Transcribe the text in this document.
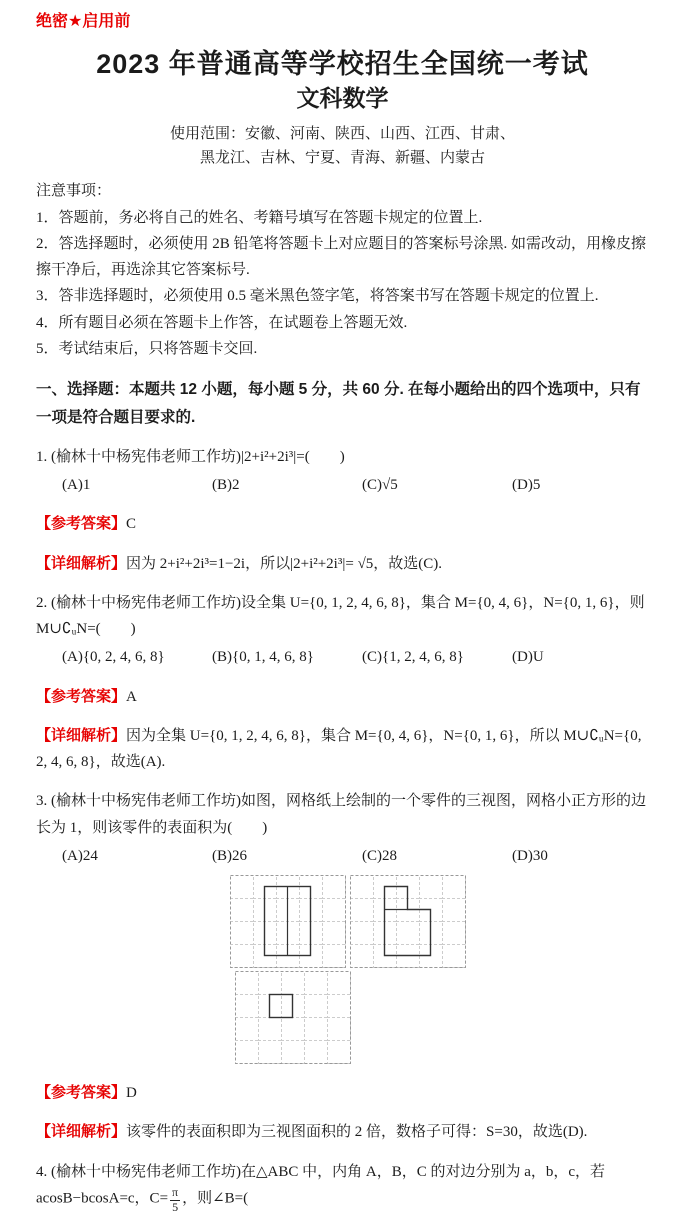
绝密★启用前
2023 年普通高等学校招生全国统一考试
文科数学
使用范围：安徽、河南、陕西、山西、江西、甘肃、
黑龙江、吉林、宁夏、青海、新疆、内蒙古
注意事项：
1．答题前，务必将自己的姓名、考籍号填写在答题卡规定的位置上.
2．答选择题时，必须使用 2B 铅笔将答题卡上对应题目的答案标号涂黑. 如需改动，用橡皮擦擦干净后，再选涂其它答案标号.
3．答非选择题时，必须使用 0.5 毫米黑色签字笔，将答案书写在答题卡规定的位置上.
4．所有题目必须在答题卡上作答，在试题卷上答题无效.
5．考试结束后，只将答题卡交回.
一、选择题：本题共 12 小题，每小题 5 分，共 60 分. 在每小题给出的四个选项中，只有一项是符合题目要求的.
1. (榆林十中杨宪伟老师工作坊)|2+i²+2i³|=(　　)
(A)1	(B)2	(C)√5	(D)5
【参考答案】C
【详细解析】因为 2+i²+2i³=1−2i，所以|2+i²+2i³|= √5，故选(C).
2. (榆林十中杨宪伟老师工作坊)设全集 U={0, 1, 2, 4, 6, 8}，集合 M={0, 4, 6}，N={0, 1, 6}，则 M∪∁ᵤN=(　　)
(A){0, 2, 4, 6, 8}	(B){0, 1, 4, 6, 8}	(C){1, 2, 4, 6, 8}	(D)U
【参考答案】A
【详细解析】因为全集 U={0, 1, 2, 4, 6, 8}，集合 M={0, 4, 6}，N={0, 1, 6}，所以 M∪∁ᵤN={0, 2, 4, 6, 8}，故选(A).
3. (榆林十中杨宪伟老师工作坊)如图，网格纸上绘制的一个零件的三视图，网格小正方形的边长为 1，则该零件的表面积为(　　)
(A)24	(B)26	(C)28	(D)30
【参考答案】D
【详细解析】该零件的表面积即为三视图面积的 2 倍，数格子可得：S=30，故选(D).
4. (榆林十中杨宪伟老师工作坊)在△ABC 中，内角 A，B，C 的对边分别为 a，b，c，若 acosB−bcosA=c，$C= \frac{\pi}{5}$ ，则∠B=(
